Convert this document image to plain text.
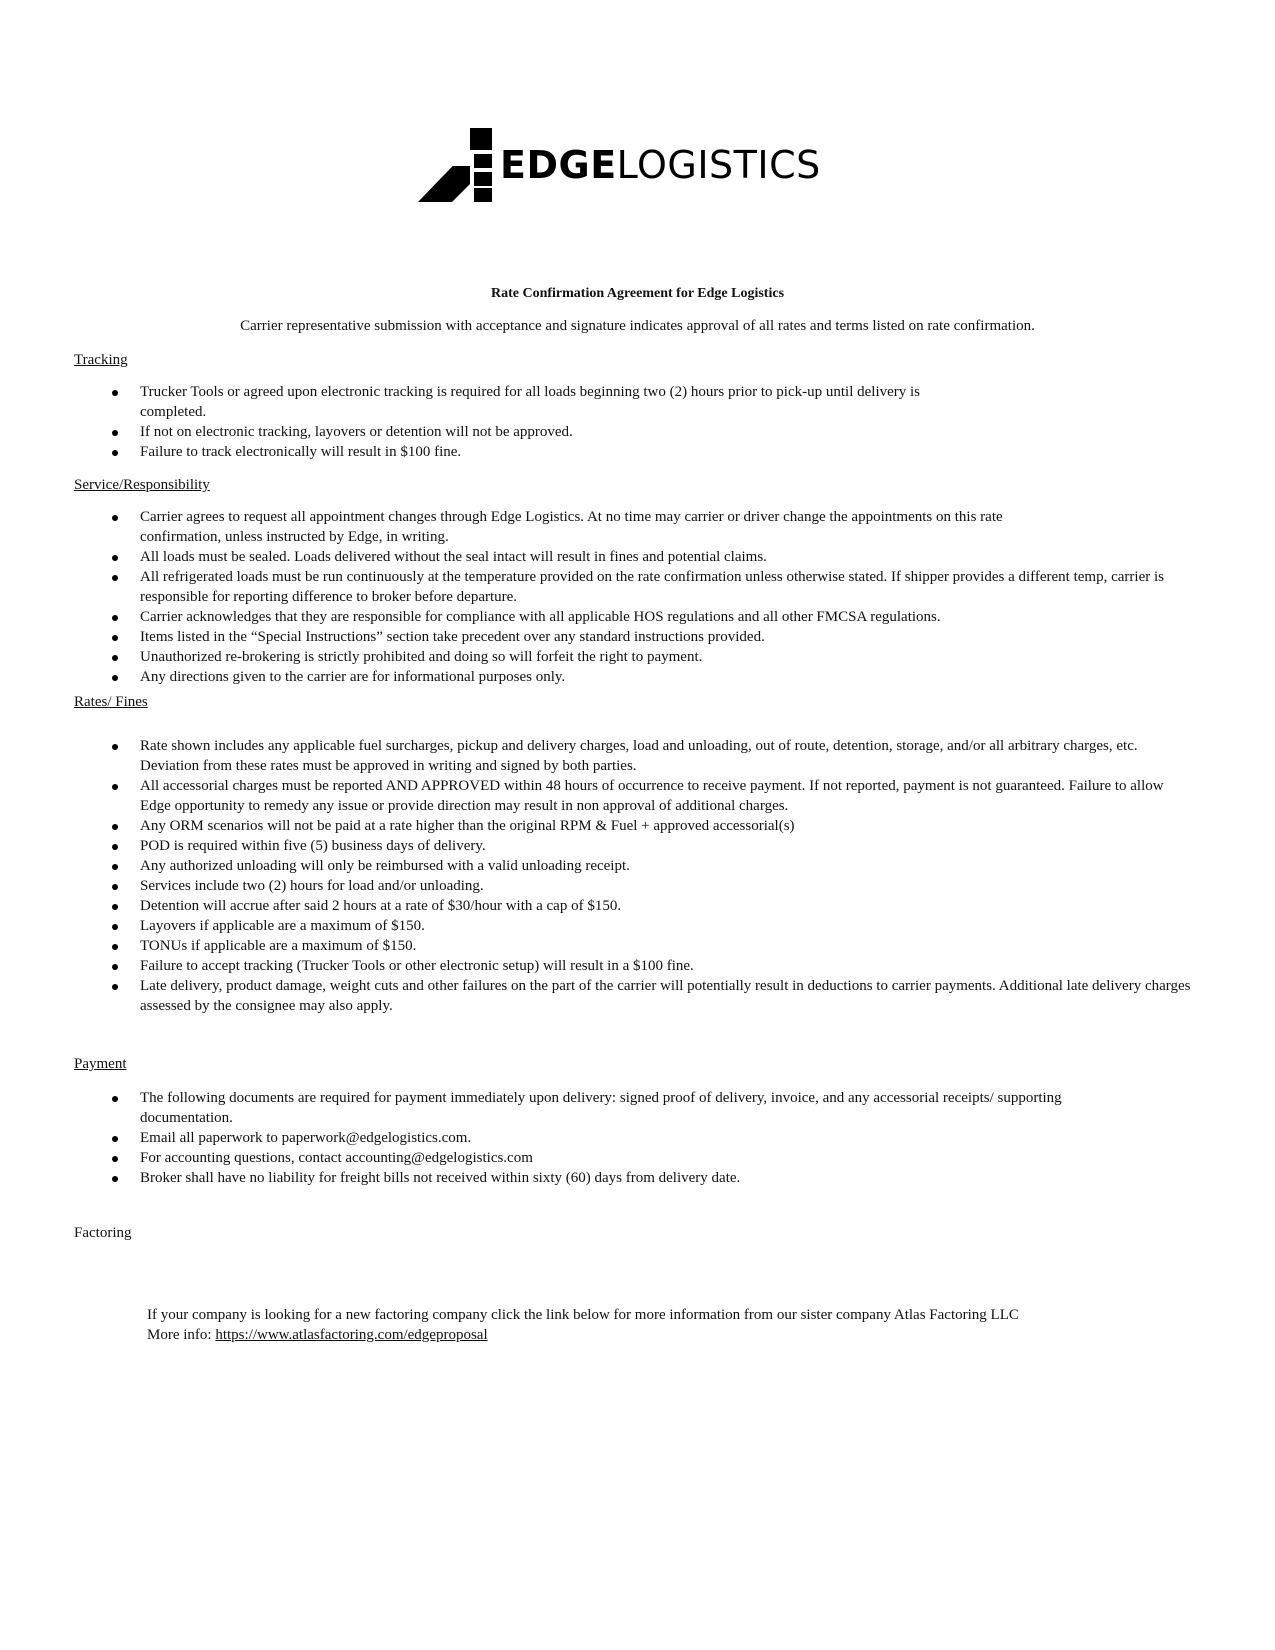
EDGELOGISTICS
Rate Confirmation Agreement for Edge Logistics
Carrier representative submission with acceptance and signature indicates approval of all rates and terms listed on rate confirmation.
Tracking
Trucker Tools or agreed upon electronic tracking is required for all loads beginning two (2) hours prior to pick-up until delivery is completed.
If not on electronic tracking, layovers or detention will not be approved.
Failure to track electronically will result in $100 fine.
Service/Responsibility
Carrier agrees to request all appointment changes through Edge Logistics. At no time may carrier or driver change the appointments on this rate confirmation, unless instructed by Edge, in writing.
All loads must be sealed. Loads delivered without the seal intact will result in fines and potential claims.
All refrigerated loads must be run continuously at the temperature provided on the rate confirmation unless otherwise stated. If shipper provides a different temp, carrier is responsible for reporting difference to broker before departure.
Carrier acknowledges that they are responsible for compliance with all applicable HOS regulations and all other FMCSA regulations.
Items listed in the “Special Instructions” section take precedent over any standard instructions provided.
Unauthorized re-brokering is strictly prohibited and doing so will forfeit the right to payment.
Any directions given to the carrier are for informational purposes only.
Rates/ Fines
Rate shown includes any applicable fuel surcharges, pickup and delivery charges, load and unloading, out of route, detention, storage, and/or all arbitrary charges, etc. Deviation from these rates must be approved in writing and signed by both parties.
All accessorial charges must be reported AND APPROVED within 48 hours of occurrence to receive payment. If not reported, payment is not guaranteed. Failure to allow Edge opportunity to remedy any issue or provide direction may result in non approval of additional charges.
Any ORM scenarios will not be paid at a rate higher than the original RPM & Fuel + approved accessorial(s)
POD is required within five (5) business days of delivery.
Any authorized unloading will only be reimbursed with a valid unloading receipt.
Services include two (2) hours for load and/or unloading.
Detention will accrue after said 2 hours at a rate of $30/hour with a cap of $150.
Layovers if applicable are a maximum of $150.
TONUs if applicable are a maximum of $150.
Failure to accept tracking (Trucker Tools or other electronic setup) will result in a $100 fine.
Late delivery, product damage, weight cuts and other failures on the part of the carrier will potentially result in deductions to carrier payments. Additional late delivery charges assessed by the consignee may also apply.
Payment
The following documents are required for payment immediately upon delivery: signed proof of delivery, invoice, and any accessorial receipts/ supporting documentation.
Email all paperwork to paperwork@edgelogistics.com.
For accounting questions, contact accounting@edgelogistics.com
Broker shall have no liability for freight bills not received within sixty (60) days from delivery date.
Factoring
If your company is looking for a new factoring company click the link below for more information from our sister company Atlas Factoring LLC
More info: https://www.atlasfactoring.com/edgeproposal
